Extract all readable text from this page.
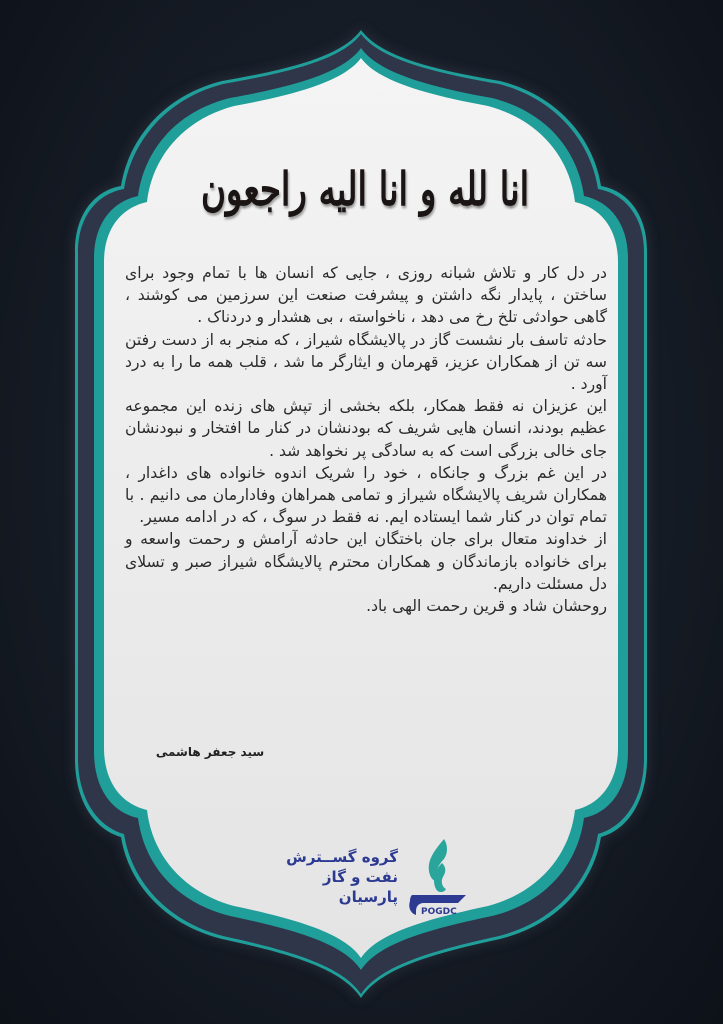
انا لله و انا الیه راجعون

در دل کار و تلاش شبانه روزی ، جایی که انسان ها با تمام وجود برای ساختن ، پایدار نگه داشتن و پیشرفت صنعت این سرزمین می کوشند ، گاهی حوادثی تلخ رخ می دهد ، ناخواسته ، بی هشدار و دردناک .

حادثه تاسف بار نشست گاز در پالایشگاه شیراز ، که منجر به از دست رفتن سه تن از همکاران عزیز، قهرمان و ایثارگر ما شد ، قلب همه ما را به درد آورد .

این عزیزان نه فقط همکار، بلکه بخشی از تپش های زنده این مجموعه عظیم بودند، انسان هایی شریف که بودنشان در کنار ما افتخار و نبودنشان جای خالی بزرگی است که به سادگی پر نخواهد شد .

در این غم بزرگ و جانکاه ، خود را شریک اندوه خانواده های داغدار ، همکاران شریف پالایشگاه شیراز و تمامی همراهان وفادارمان می دانیم . با تمام توان در کنار شما ایستاده ایم. نه فقط در سوگ ، که در ادامه مسیر.

از خداوند متعال برای جان باختگان این حادثه آرامش و رحمت واسعه و برای خانواده بازماندگان و همکاران محترم پالایشگاه شیراز صبر و تسلای دل مسئلت داریم.

روحشان شاد و قرین رحمت الهی باد.

سید جعفر هاشمی
POGDC
گروه گســترش
نفت و گاز پارسیان
